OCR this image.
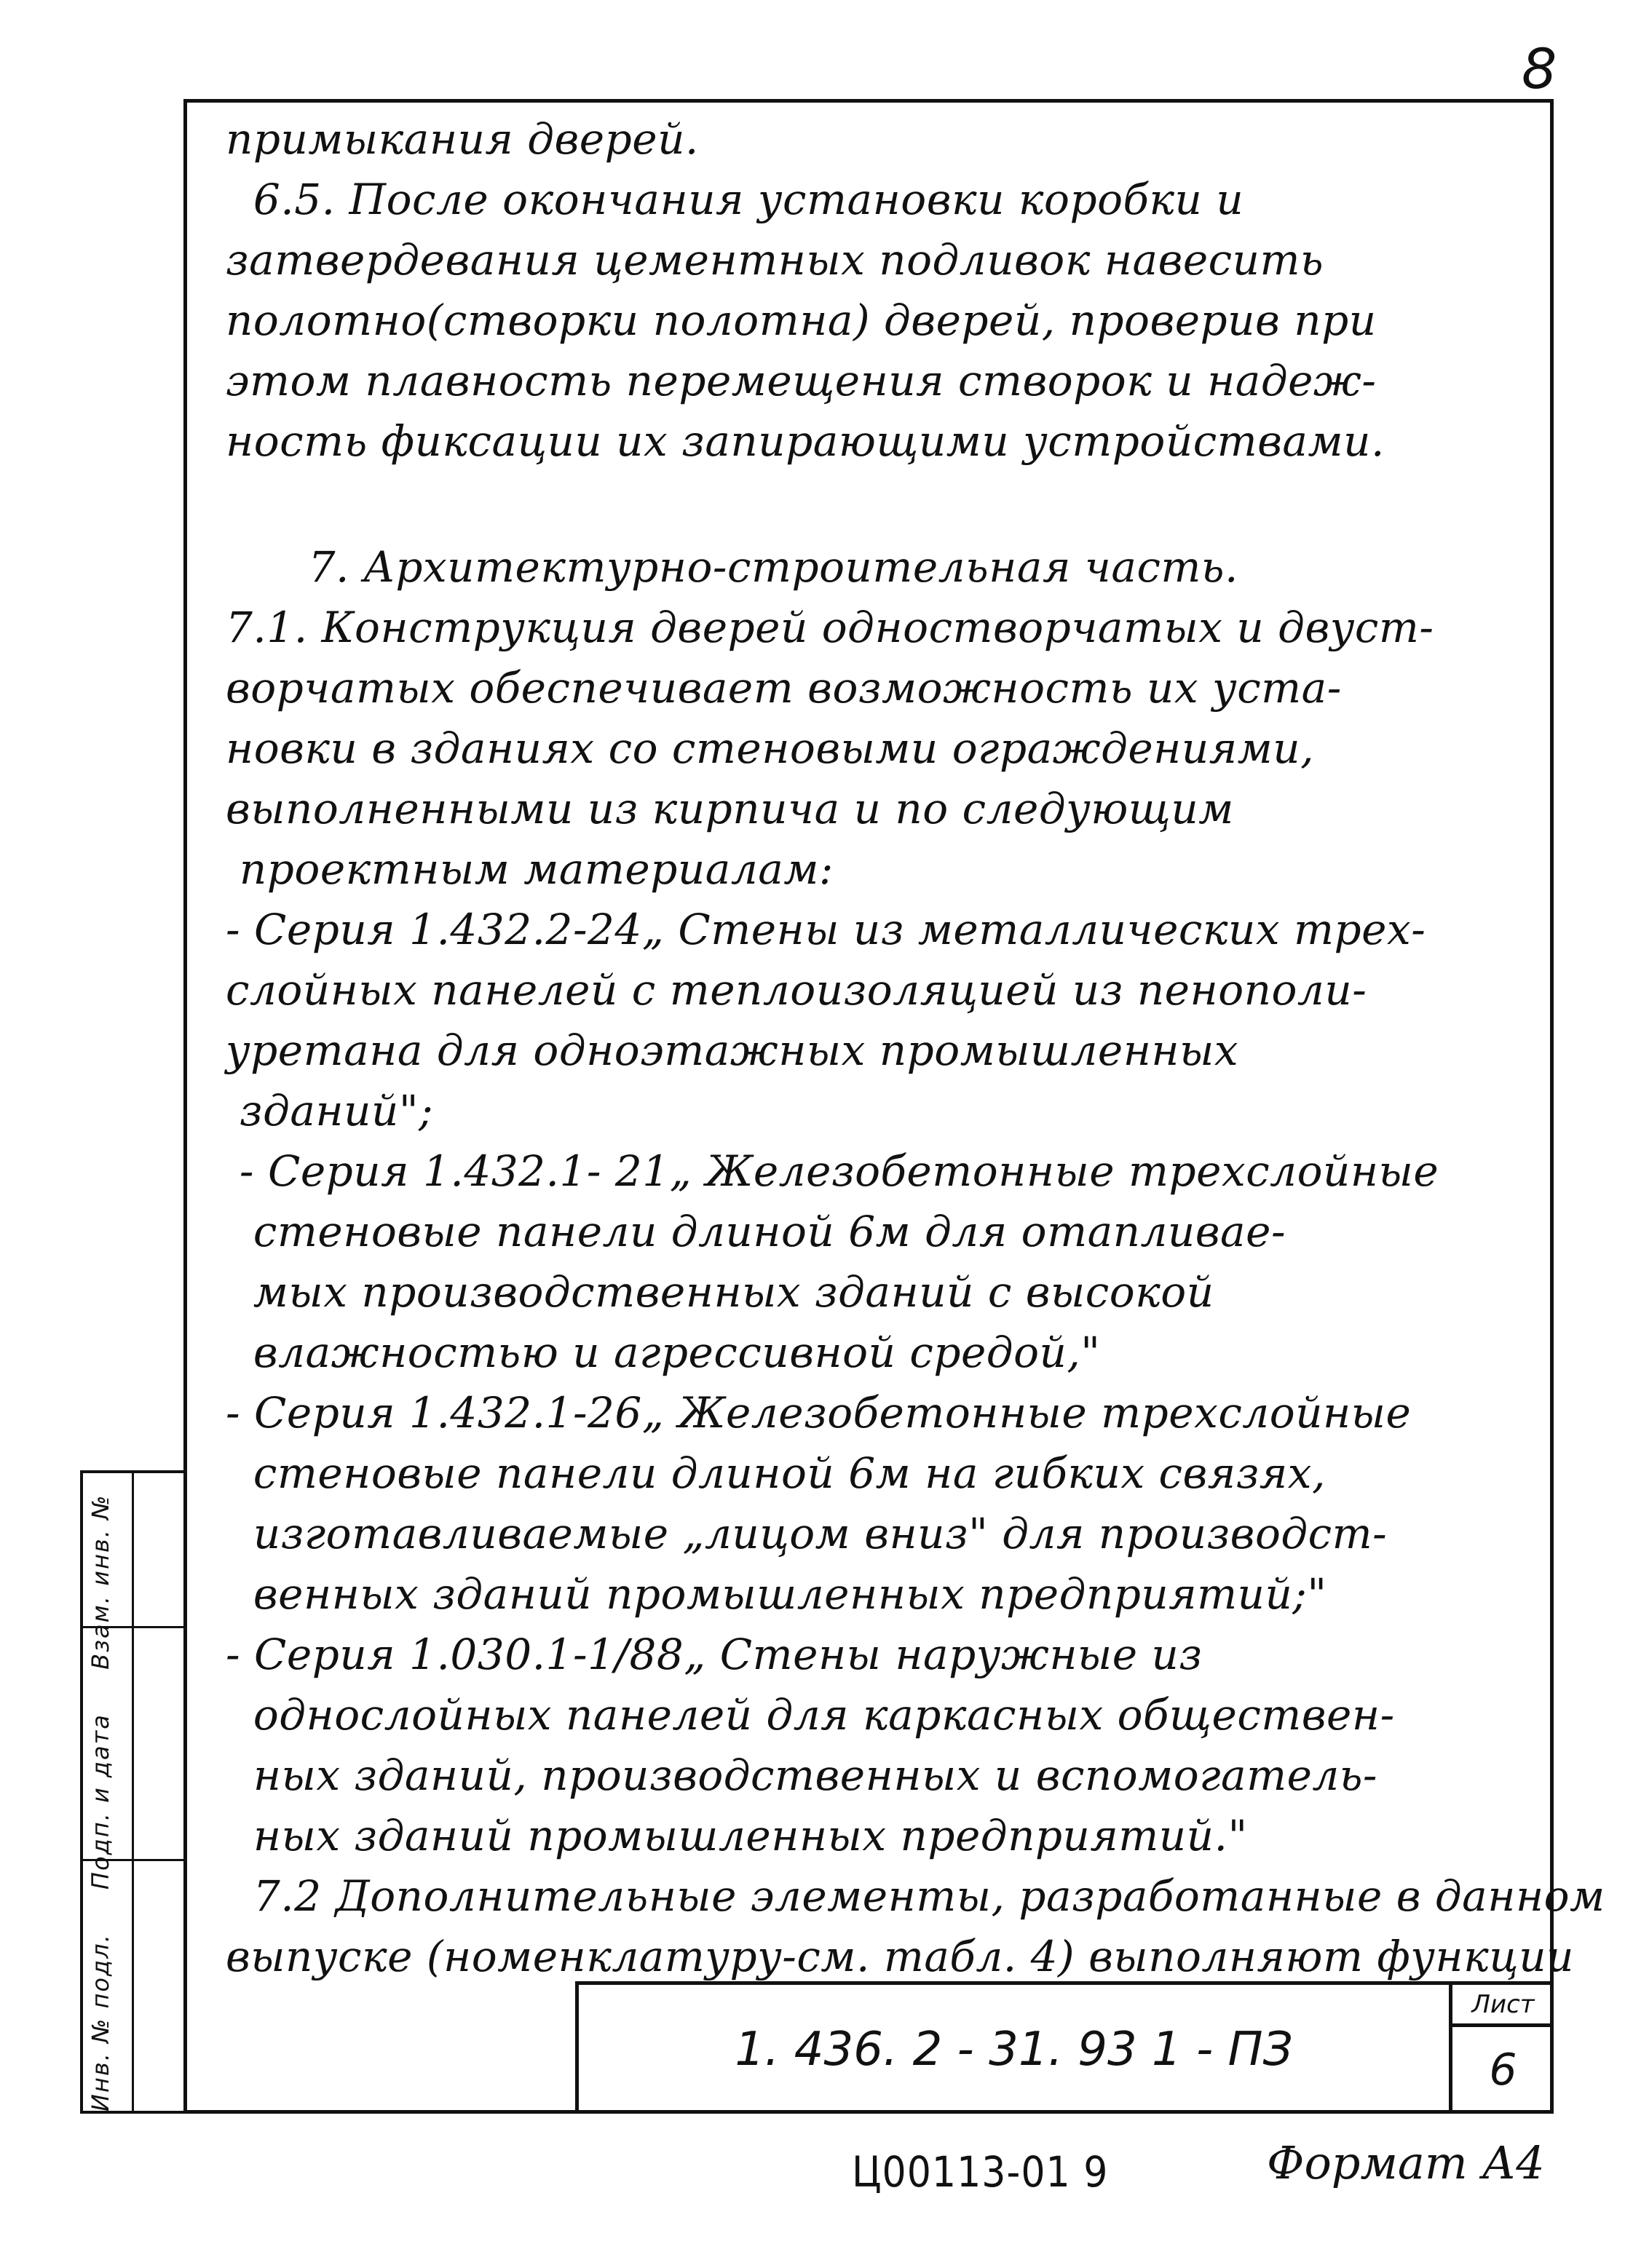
8
примыкания дверей.
6.5. После окончания установки коробки и
затвердевания цементных подливок навесить
полотно(створки полотна) дверей, проверив при
этом плавность перемещения створок и надеж-
ность фиксации их запирающими устройствами.
7. Архитектурно-строительная часть.
7.1. Конструкция дверей одностворчатых и двуст-
ворчатых обеспечивает возможность их уста-
новки в зданиях со стеновыми ограждениями,
выполненными из кирпича и по следующим
проектным материалам:
- Серия 1.432.2-24„ Стены из металлических трех-
слойных панелей с теплоизоляцией из пенопoли-
уретана для одноэтажных промышленных
зданий";
- Серия 1.432.1- 21„ Железобетонные трехслойные
стеновые панели длиной 6м для отапливае-
мых производственных зданий с высокой
влажностью и агрессивной средой,"
- Серия 1.432.1-26„ Железобетонные трехслойные
стеновые панели длиной 6м на гибких связях,
изготавливаемые „лицом вниз" для производст-
венных зданий промышленных предприятий;"
- Серия 1.030.1-1/88„ Стены наружные из
однослойных панелей для каркасных обществен-
ных зданий, производственных и вспомогатель-
ных зданий промышленных предприятий."
7.2 Дополнительные элементы, разработанные в данном
выпуске (номенклатуру-см. табл. 4) выполняют функции
1. 436. 2 - 31. 93 1 - ПЗ
Лист
6
Инв. № подл. Подп. и дата Взам. инв. №
Ц00113-01 9	Формат А4
